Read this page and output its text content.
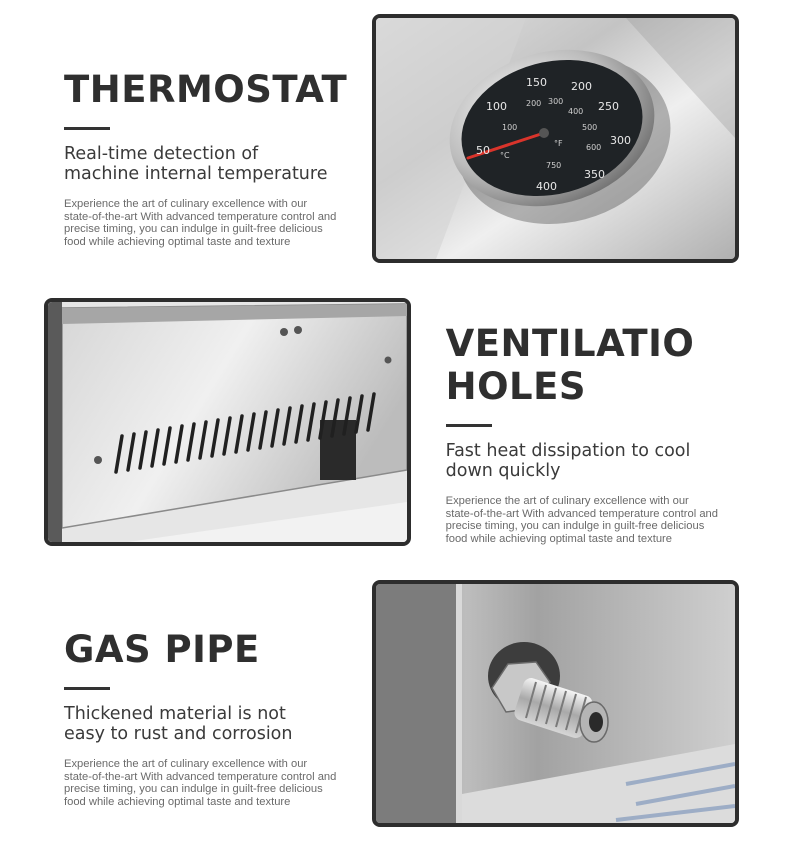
THERMOSTAT
Real-time detection of
machine internal temperature
Experience the art of culinary excellence with our
state-of-the-art With advanced temperature control and
precise timing, you can indulge in guilt-free delicious
food while achieving optimal taste and texture
50
100
150 200
250
300
350
400
100
200 300
400
500
600
750
°F
°C
VENTILATIO
HOLES
Fast heat dissipation to cool
down quickly
Experience the art of culinary excellence with our
state-of-the-art With advanced temperature control and
precise timing, you can indulge in guilt-free delicious
food while achieving optimal taste and texture
GAS PIPE
Thickened material is not
easy to rust and corrosion
Experience the art of culinary excellence with our
state-of-the-art With advanced temperature control and
precise timing, you can indulge in guilt-free delicious
food while achieving optimal taste and texture
